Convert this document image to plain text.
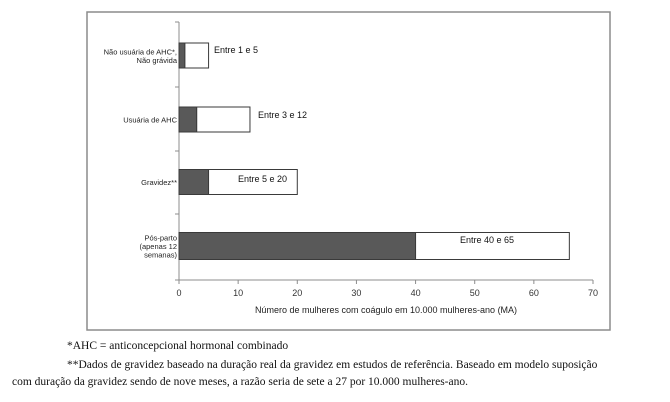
0	10	20	30	40	50	60	70
Número de mulheres com coágulo em 10.000 mulheres-ano (MA)
Não usuária de AHC*,
Não grávida
Usuária de AHC
Gravidez**
Pós-parto
(apenas 12
semanas)
Entre 1 e 5
Entre 3 e 12
Entre 5 e 20
Entre 40 e 65

*AHC = anticoncepcional hormonal combinado

**Dados de gravidez baseado na duração real da gravidez em estudos de referência. Baseado em modelo suposição

com duração da gravidez sendo de nove meses, a razão seria de sete a 27 por 10.000 mulheres-ano.
